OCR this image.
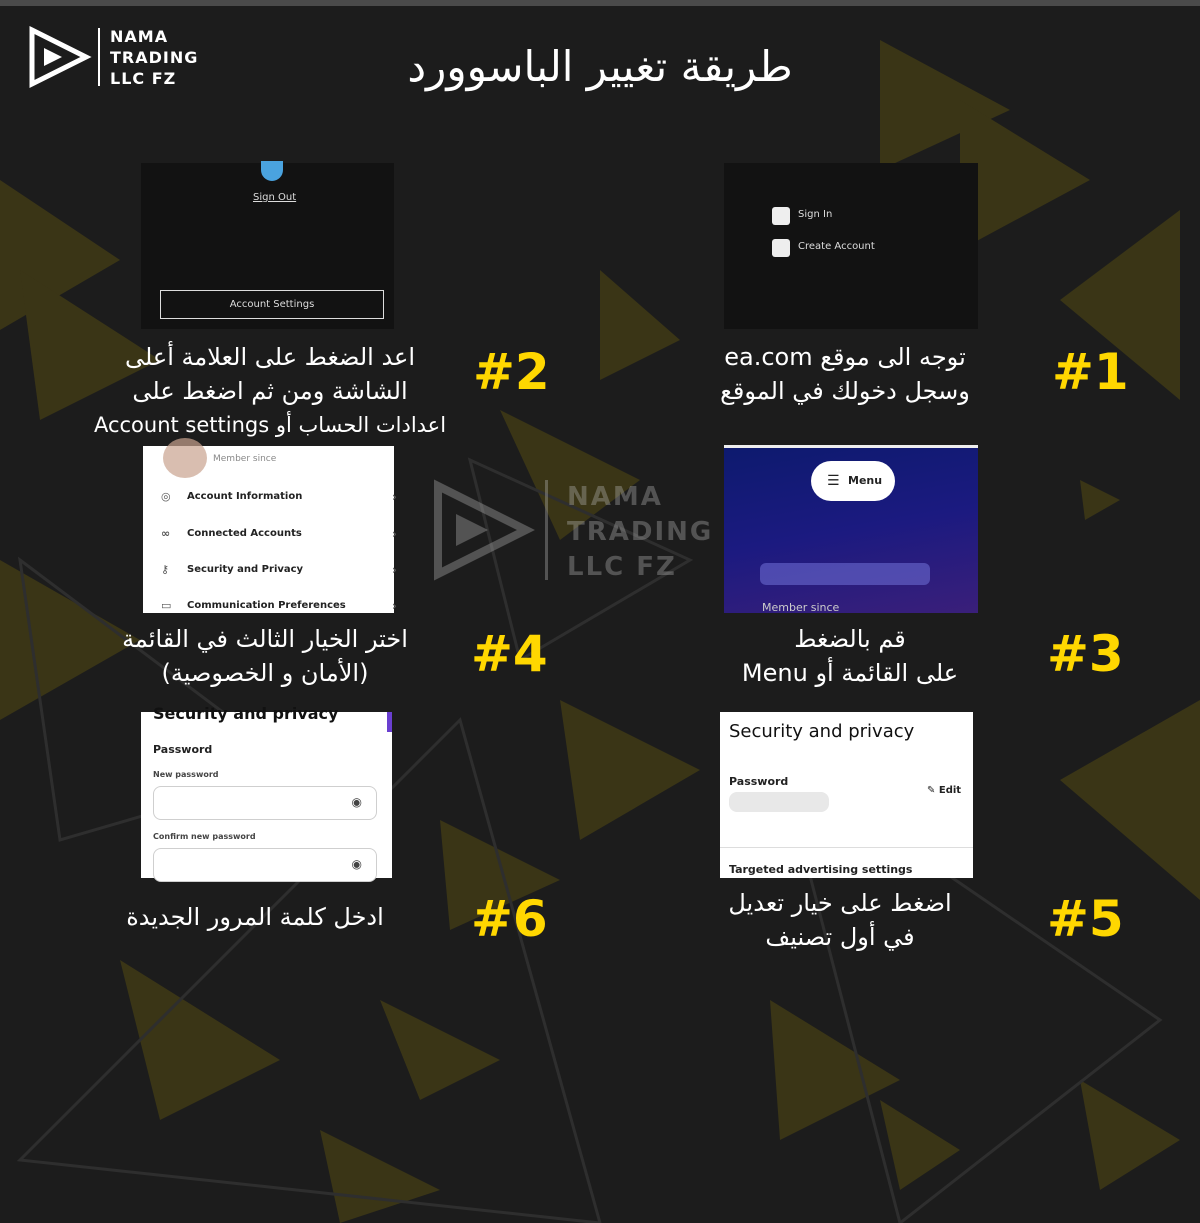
NAMA
TRADING
LLC FZ	طريقة تغيير الباسوورد
Sign In
Create Account
#1
توجه الى موقع ea.com
وسجل دخولك في الموقع
Sign Out
Account Settings
#2
اعد الضغط على العلامة أعلى
الشاشة ومن ثم اضغط على
اعدادات الحساب أو Account settings
☰ Menu
Member since
#3
قم بالضغط
على القائمة أو Menu
Member since
◎	Account Information	›
∞	Connected Accounts	›
⚷	Security and Privacy	›
▭	Communication Preferences	›
#4
اختر الخيار الثالث في القائمة
(الأمان و الخصوصية)
NAMA
TRADING
LLC FZ
Security and privacy
Password
✎ Edit
Targeted advertising settings
#5
اضغط على خيار تعديل
في أول تصنيف
Security and privacy
Password
New password
◉
Confirm new password
◉
#6
ادخل كلمة المرور الجديدة
